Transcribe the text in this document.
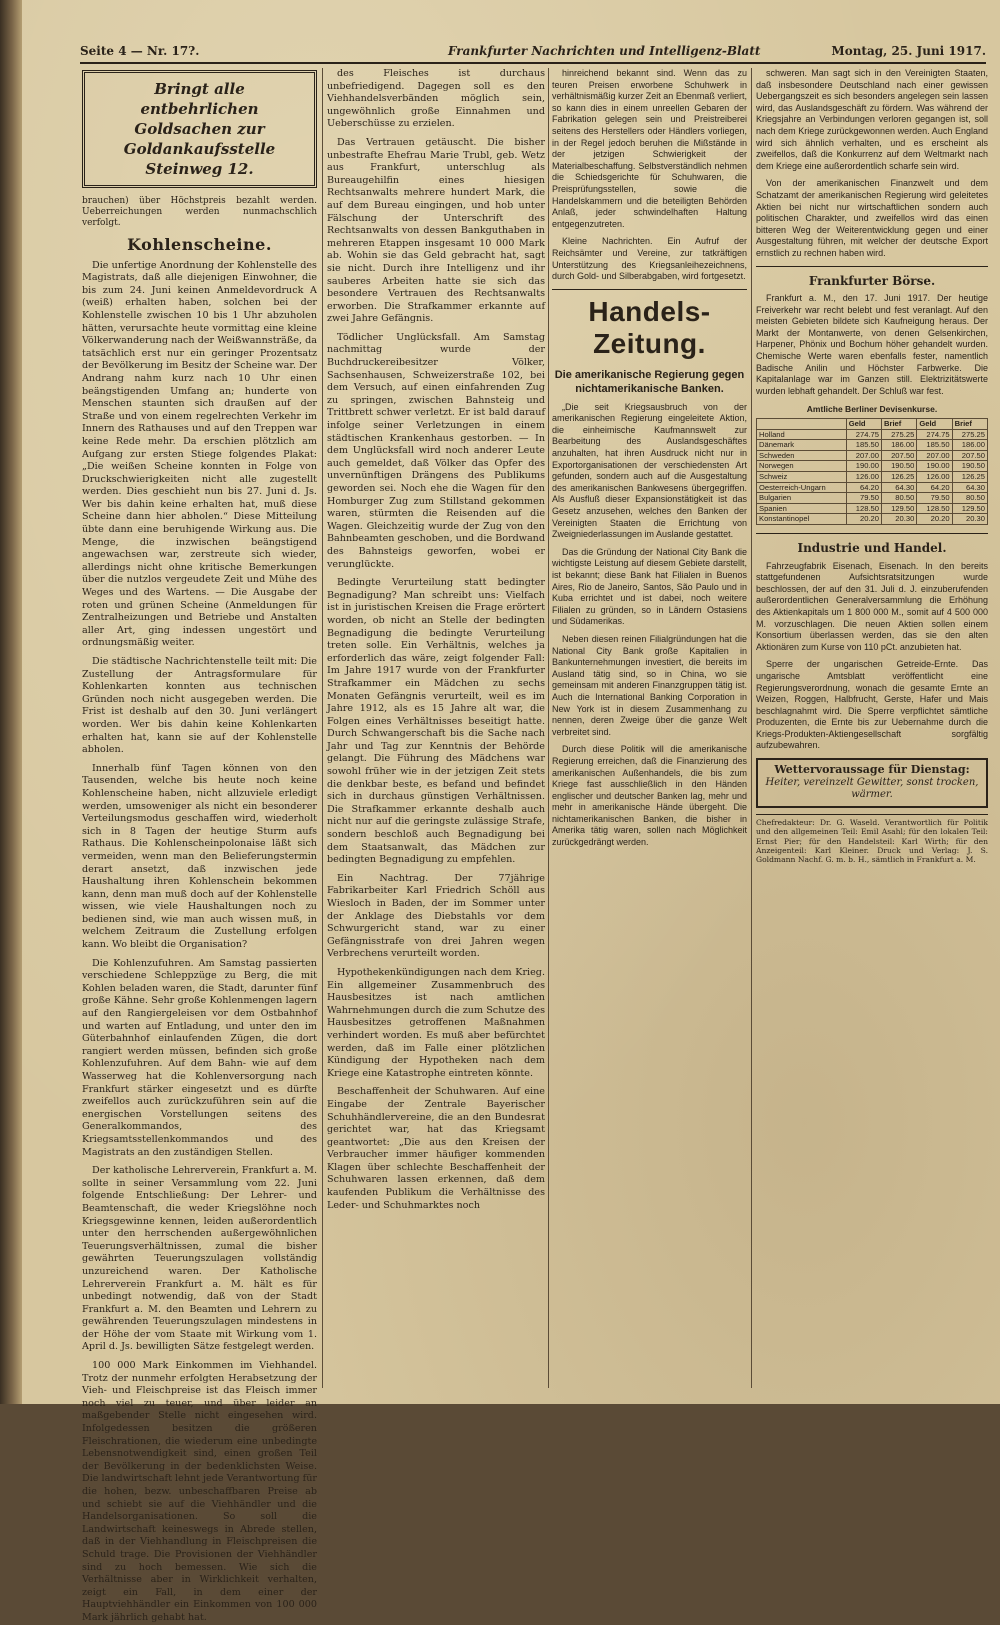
Seite 4 — Nr. 17?.	Frankfurter Nachrichten und Intelligenz-Blatt	Montag, 25. Juni 1917.
Bringt alle entbehrlichen Goldsachen zur Goldankaufsstelle Steinweg 12.
brauchen) über Höchstpreis bezahlt werden. Ueberreichungen werden nunmachschlich verfolgt.
Kohlenscheine.

Die unfertige Anordnung der Kohlenstelle des Magistrats, daß alle diejenigen Einwohner, die bis zum 24. Juni keinen Anmeldevordruck A (weiß) erhalten haben, solchen bei der Kohlenstelle zwischen 10 bis 1 Uhr abzuholen hätten, verursachte heute vormittag eine kleine Völkerwanderung nach der Weißwannsträße, da tatsächlich erst nur ein geringer Prozentsatz der Bevölkerung im Besitz der Scheine war. Der Andrang nahm kurz nach 10 Uhr einen beängstigenden Umfang an; hunderte von Menschen staunten sich draußen auf der Straße und von einem regelrechten Verkehr im Innern des Rathauses und auf den Treppen war keine Rede mehr. Da erschien plötzlich am Aufgang zur ersten Stiege folgendes Plakat: „Die weißen Scheine konnten in Folge von Druckschwierigkeiten nicht alle zugestellt werden. Dies geschieht nun bis 27. Juni d. Js. Wer bis dahin keine erhalten hat, muß diese Scheine dann hier abholen.“ Diese Mitteilung übte dann eine beruhigende Wirkung aus. Die Menge, die inzwischen beängstigend angewachsen war, zerstreute sich wieder, allerdings nicht ohne kritische Bemerkungen über die nutzlos vergeudete Zeit und Mühe des Weges und des Wartens. — Die Ausgabe der roten und grünen Scheine (Anmeldungen für Zentralheizungen und Betriebe und Anstalten aller Art, ging indessen ungestört und ordnungsmäßig weiter.

Die städtische Nachrichtenstelle teilt mit: Die Zustellung der Antragsformulare für Kohlenkarten konnten aus technischen Gründen noch nicht ausgegeben werden. Die Frist ist deshalb auf den 30. Juni verlängert worden. Wer bis dahin keine Kohlenkarten erhalten hat, kann sie auf der Kohlenstelle abholen.

Innerhalb fünf Tagen können von den Tausenden, welche bis heute noch keine Kohlenscheine haben, nicht allzuviele erledigt werden, umsoweniger als nicht ein besonderer Verteilungsmodus geschaffen wird, wiederholt sich in 8 Tagen der heutige Sturm aufs Rathaus. Die Kohlenscheinpolonaise läßt sich vermeiden, wenn man den Belieferungstermin derart ansetzt, daß inzwischen jede Haushaltung ihren Kohlenschein bekommen kann, denn man muß doch auf der Kohlenstelle wissen, wie viele Haushaltungen noch zu bedienen sind, wie man auch wissen muß, in welchem Zeitraum die Zustellung erfolgen kann. Wo bleibt die Organisation?

Die Kohlenzufuhren. Am Samstag passierten verschiedene Schleppzüge zu Berg, die mit Kohlen beladen waren, die Stadt, darunter fünf große Kähne. Sehr große Kohlenmengen lagern auf den Rangiergeleisen vor dem Ostbahnhof und warten auf Entladung, und unter den im Güterbahnhof einlaufenden Zügen, die dort rangiert werden müssen, befinden sich große Kohlenzufuhren. Auf dem Bahn- wie auf dem Wasserweg hat die Kohlenversorgung nach Frankfurt stärker eingesetzt und es dürfte zweifellos auch zurückzuführen sein auf die energischen Vorstellungen seitens des Generalkommandos, des Kriegsamtsstellenkommandos und des Magistrats an den zuständigen Stellen.

Der katholische Lehrerverein, Frankfurt a. M. sollte in seiner Versammlung vom 22. Juni folgende Entschließung: Der Lehrer- und Beamtenschaft, die weder Kriegslöhne noch Kriegsgewinne kennen, leiden außerordentlich unter den herrschenden außergewöhnlichen Teuerungsverhältnissen, zumal die bisher gewährten Teuerungszulagen vollständig unzureichend waren. Der Katholische Lehrerverein Frankfurt a. M. hält es für unbedingt notwendig, daß von der Stadt Frankfurt a. M. den Beamten und Lehrern zu gewährenden Teuerungszulagen mindestens in der Höhe der vom Staate mit Wirkung vom 1. April d. Js. bewilligten Sätze festgelegt werden.

100 000 Mark Einkommen im Viehhandel. Trotz der nunmehr erfolgten Herabsetzung der Vieh- und Fleischpreise ist das Fleisch immer noch viel zu teuer, und über leider an maßgebender Stelle nicht eingesehen wird. Infolgedessen besitzen die größeren Fleischrationen, die wiederum eine unbedingte Lebensnotwendigkeit sind, einen großen Teil der Bevölkerung in der bedenklichsten Weise. Die landwirtschaft lehnt jede Verantwortung für die hohen, bezw. unbeschaffbaren Preise ab und schiebt sie auf die Viehhändler und die Handelsorganisationen. So soll die Landwirtschaft keineswegs in Abrede stellen, daß in der Viehhandlung in Fleischpreisen die Schuld trage. Die Provisionen der Viehhändler sind zu hoch bemessen. Wie sich die Verhältnisse aber in Wirklichkeit verhalten, zeigt ein Fall, in dem einer der Hauptviehhändler ein Einkommen von 100 000 Mark jährlich gehabt hat.

des Fleisches ist durchaus unbefriedigend. Dagegen soll es den Viehhandelsverbänden möglich sein, ungewöhnlich große Einnahmen und Ueberschüsse zu erzielen.

Das Vertrauen getäuscht. Die bisher unbestrafte Ehefrau Marie Trubl, geb. Wetz aus Frankfurt, unterschlug als Bureaugehilfin eines hiesigen Rechtsanwalts mehrere hundert Mark, die auf dem Bureau eingingen, und hob unter Fälschung der Unterschrift des Rechtsanwalts von dessen Bankguthaben in mehreren Etappen insgesamt 10 000 Mark ab. Wohin sie das Geld gebracht hat, sagt sie nicht. Durch ihre Intelligenz und ihr sauberes Arbeiten hatte sie sich das besondere Vertrauen des Rechtsanwalts erworben. Die Strafkammer erkannte auf zwei Jahre Gefängnis.

Tödlicher Unglücksfall. Am Samstag nachmittag wurde der Buchdruckereibesitzer Völker, Sachsenhausen, Schweizerstraße 102, bei dem Versuch, auf einen einfahrenden Zug zu springen, zwischen Bahnsteig und Trittbrett schwer verletzt. Er ist bald darauf infolge seiner Verletzungen in einem städtischen Krankenhaus gestorben. — In dem Unglücksfall wird noch anderer Leute auch gemeldet, daß Völker das Opfer des unvernünftigen Drängens des Publikums geworden sei. Noch ehe die Wagen für den Homburger Zug zum Stillstand gekommen waren, stürmten die Reisenden auf die Wagen. Gleichzeitig wurde der Zug von den Bahnbeamten geschoben, und die Bordwand des Bahnsteigs geworfen, wobei er verunglückte.

Bedingte Verurteilung statt bedingter Begnadigung? Man schreibt uns: Vielfach ist in juristischen Kreisen die Frage erörtert worden, ob nicht an Stelle der bedingten Begnadigung die bedingte Verurteilung treten solle. Ein Verhältnis, welches ja erforderlich das wäre, zeigt folgender Fall: Im Jahre 1917 wurde von der Frankfurter Strafkammer ein Mädchen zu sechs Monaten Gefängnis verurteilt, weil es im Jahre 1912, als es 15 Jahre alt war, die Folgen eines Verhältnisses beseitigt hatte. Durch Schwangerschaft bis die Sache nach Jahr und Tag zur Kenntnis der Behörde gelangt. Die Führung des Mädchens war sowohl früher wie in der jetzigen Zeit stets die denkbar beste, es befand und befindet sich in durchaus günstigen Verhältnissen. Die Strafkammer erkannte deshalb auch nicht nur auf die geringste zulässige Strafe, sondern beschloß auch Begnadigung bei dem Staatsanwalt, das Mädchen zur bedingten Begnadigung zu empfehlen.

Ein Nachtrag. Der 77jährige Fabrikarbeiter Karl Friedrich Schöll aus Wiesloch in Baden, der im Sommer unter der Anklage des Diebstahls vor dem Schwurgericht stand, war zu einer Gefängnisstrafe von drei Jahren wegen Verbrechens verurteilt worden.

Hypothekenkündigungen nach dem Krieg. Ein allgemeiner Zusammenbruch des Hausbesitzes ist nach amtlichen Wahrnehmungen durch die zum Schutze des Hausbesitzes getroffenen Maßnahmen verhindert worden. Es muß aber befürchtet werden, daß im Falle einer plötzlichen Kündigung der Hypotheken nach dem Kriege eine Katastrophe eintreten könnte.

Beschaffenheit der Schuhwaren. Auf eine Eingabe der Zentrale Bayerischer Schuhhändlervereine, die an den Bundesrat gerichtet war, hat das Kriegsamt geantwortet: „Die aus den Kreisen der Verbraucher immer häufiger kommenden Klagen über schlechte Beschaffenheit der Schuhwaren lassen erkennen, daß dem kaufenden Publikum die Verhältnisse des Leder- und Schuhmarktes noch

hinreichend bekannt sind. Wenn das zu teuren Preisen erworbene Schuhwerk in verhältnismäßig kurzer Zeit an Ebenmaß verliert, so kann dies in einem unreellen Gebaren der Fabrikation gelegen sein und Preistreiberei seitens des Herstellers oder Händlers vorliegen, in der Regel jedoch beruhen die Mißstände in der jetzigen Schwierigkeit der Materialbeschaffung. Selbstverständlich nehmen die Schiedsgerichte für Schuhwaren, die Preisprüfungsstellen, sowie die Handelskammern und die beteiligten Behörden Anlaß, jeder schwindelhaften Haltung entgegenzutreten.

Kleine Nachrichten. Ein Aufruf der Reichsämter und Vereine, zur tatkräftigen Unterstützung des Kriegsanleihezeichnens, durch Gold- und Silberabgaben, wird fortgesetzt.

Handels-Zeitung.
Die amerikanische Regierung gegen nichtamerikanische Banken.

„Die seit Kriegsausbruch von der amerikanischen Regierung eingeleitete Aktion, die einheimische Kaufmannswelt zur Bearbeitung des Auslandsgeschäftes anzuhalten, hat ihren Ausdruck nicht nur in Exportorganisationen der verschiedensten Art gefunden, sondern auch auf die Ausgestaltung des amerikanischen Bankwesens übergegriffen. Als Ausfluß dieser Expansionstätigkeit ist das Gesetz anzusehen, welches den Banken der Vereinigten Staaten die Errichtung von Zweigniederlassungen im Auslande gestattet.

Das die Gründung der National City Bank die wichtigste Leistung auf diesem Gebiete darstellt, ist bekannt; diese Bank hat Filialen in Buenos Aires, Rio de Janeiro, Santos, São Paulo und in Kuba errichtet und ist dabei, noch weitere Filialen zu gründen, so in Ländern Ostasiens und Südamerikas.

Neben diesen reinen Filialgründungen hat die National City Bank große Kapitalien in Bankunternehmungen investiert, die bereits im Ausland tätig sind, so in China, wo sie gemeinsam mit anderen Finanzgruppen tätig ist. Auch die International Banking Corporation in New York ist in diesem Zusammenhang zu nennen, deren Zweige über die ganze Welt verbreitet sind.

Durch diese Politik will die amerikanische Regierung erreichen, daß die Finanzierung des amerikanischen Außenhandels, die bis zum Kriege fast ausschließlich in den Händen englischer und deutscher Banken lag, mehr und mehr in amerikanische Hände übergeht. Die nichtamerikanischen Banken, die bisher in Amerika tätig waren, sollen nach Möglichkeit zurückgedrängt werden.

schweren. Man sagt sich in den Vereinigten Staaten, daß insbesondere Deutschland nach einer gewissen Uebergangszeit es sich besonders angelegen sein lassen wird, das Auslandsgeschäft zu fördern. Was während der Kriegsjahre an Verbindungen verloren gegangen ist, soll nach dem Kriege zurückgewonnen werden. Auch England wird sich ähnlich verhalten, und es erscheint als zweifellos, daß die Konkurrenz auf dem Weltmarkt nach dem Kriege eine außerordentlich scharfe sein wird.

Von der amerikanischen Finanzwelt und dem Schatzamt der amerikanischen Regierung wird geleitetes Aktien bei nicht nur wirtschaftlichen sondern auch politischen Charakter, und zweifellos wird das einen bitteren Weg der Weiterentwicklung gegen und einer Ausgestaltung führen, mit welcher der deutsche Export ernstlich zu rechnen haben wird.

Frankfurter Börse.

Frankfurt a. M., den 17. Juni 1917. Der heutige Freiverkehr war recht belebt und fest veranlagt. Auf den meisten Gebieten bildete sich Kaufneigung heraus. Der Markt der Montanwerte, von denen Gelsenkirchen, Harpener, Phönix und Bochum höher gehandelt wurden. Chemische Werte waren ebenfalls fester, namentlich Badische Anilin und Höchster Farbwerke. Die Kapitalanlage war im Ganzen still. Elektrizitätswerte wurden lebhaft gehandelt. Der Schluß war fest.

Amtliche Berliner Devisenkurse.
	Geld	Brief	Geld	Brief
Holland	274.75	275.25	274.75	275.25
Dänemark	185.50	186.00	185.50	186.00
Schweden	207.00	207.50	207.00	207.50
Norwegen	190.00	190.50	190.00	190.50
Schweiz	126.00	126.25	126.00	126.25
Oesterreich-Ungarn	64.20	64.30	64.20	64.30
Bulgarien	79.50	80.50	79.50	80.50
Spanien	128.50	129.50	128.50	129.50
Konstantinopel	20.20	20.30	20.20	20.30
Industrie und Handel.

Fahrzeugfabrik Eisenach, Eisenach. In den bereits stattgefundenen Aufsichtsratsitzungen wurde beschlossen, der auf den 31. Juli d. J. einzuberufenden außerordentlichen Generalversammlung die Erhöhung des Aktienkapitals um 1 800 000 M., somit auf 4 500 000 M. vorzuschlagen. Die neuen Aktien sollen einem Konsortium überlassen werden, das sie den alten Aktionären zum Kurse von 110 pCt. anzubieten hat.

Sperre der ungarischen Getreide-Ernte. Das ungarische Amtsblatt veröffentlicht eine Regierungsverordnung, wonach die gesamte Ernte an Weizen, Roggen, Halbfrucht, Gerste, Hafer und Mais beschlagnahmt wird. Die Sperre verpflichtet sämtliche Produzenten, die Ernte bis zur Uebernahme durch die Kriegs-Produkten-Aktiengesellschaft sorgfältig aufzubewahren.

Wettervoraussage für Dienstag:
Heiter, vereinzelt Gewitter, sonst trocken, wärmer.
Chefredakteur: Dr. G. Waseld. Verantwortlich für Politik und den allgemeinen Teil: Emil Asahl; für den lokalen Teil: Ernst Pier; für den Handelsteil: Karl Wirth; für den Anzeigenteil: Karl Kleiner. Druck und Verlag: J. S. Goldmann Nachf. G. m. b. H., sämtlich in Frankfurt a. M.
